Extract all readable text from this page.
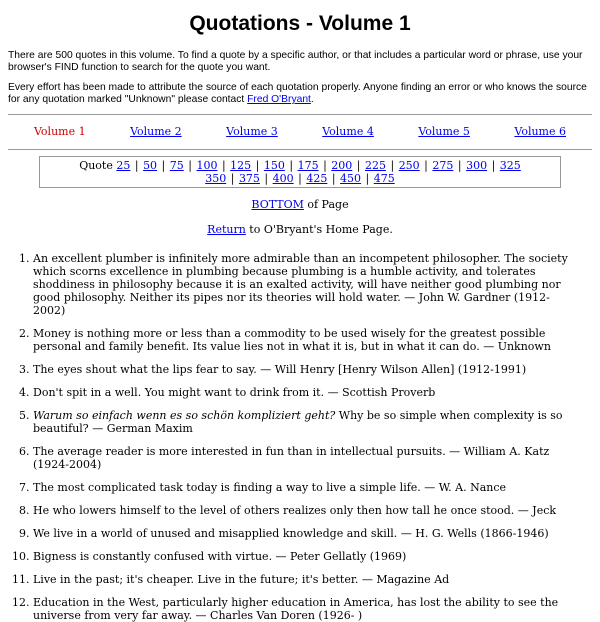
Quotations - Volume 1

There are 500 quotes in this volume. To find a quote by a specific author, or that includes a particular word or phrase, use your browser's FIND function to search for the quote you want.

Every effort has been made to attribute the source of each quotation properly. Anyone finding an error or who knows the source for any quotation marked "Unknown" please contact Fred O'Bryant.

Volume 1	Volume 2	Volume 3	Volume 4	Volume 5	Volume 6
Quote 25 | 50 | 75 | 100 | 125 | 150 | 175 | 200 | 225 | 250 | 275 | 300 | 325
350 | 375 | 400 | 425 | 450 | 475
BOTTOM of Page
Return to O'Bryant's Home Page.
1. An excellent plumber is infinitely more admirable than an incompetent philosopher. The society which scorns excellence in plumbing because plumbing is a humble activity, and tolerates shoddiness in philosophy because it is an exalted activity, will have neither good plumbing nor good philosophy. Neither its pipes nor its theories will hold water. — John W. Gardner (1912-2002)
2. Money is nothing more or less than a commodity to be used wisely for the greatest possible personal and family benefit. Its value lies not in what it is, but in what it can do. — Unknown
3. The eyes shout what the lips fear to say. — Will Henry [Henry Wilson Allen] (1912-1991)
4. Don't spit in a well. You might want to drink from it. — Scottish Proverb
5. Warum so einfach wenn es so schön kompliziert geht? Why be so simple when complexity is so beautiful? — German Maxim
6. The average reader is more interested in fun than in intellectual pursuits. — William A. Katz (1924-2004)
7. The most complicated task today is finding a way to live a simple life. — W. A. Nance
8. He who lowers himself to the level of others realizes only then how tall he once stood. — Jeck
9. We live in a world of unused and misapplied knowledge and skill. — H. G. Wells (1866-1946)
10. Bigness is constantly confused with virtue. — Peter Gellatly (1969)
11. Live in the past; it's cheaper. Live in the future; it's better. — Magazine Ad
12. Education in the West, particularly higher education in America, has lost the ability to see the universe from very far away. — Charles Van Doren (1926- )
